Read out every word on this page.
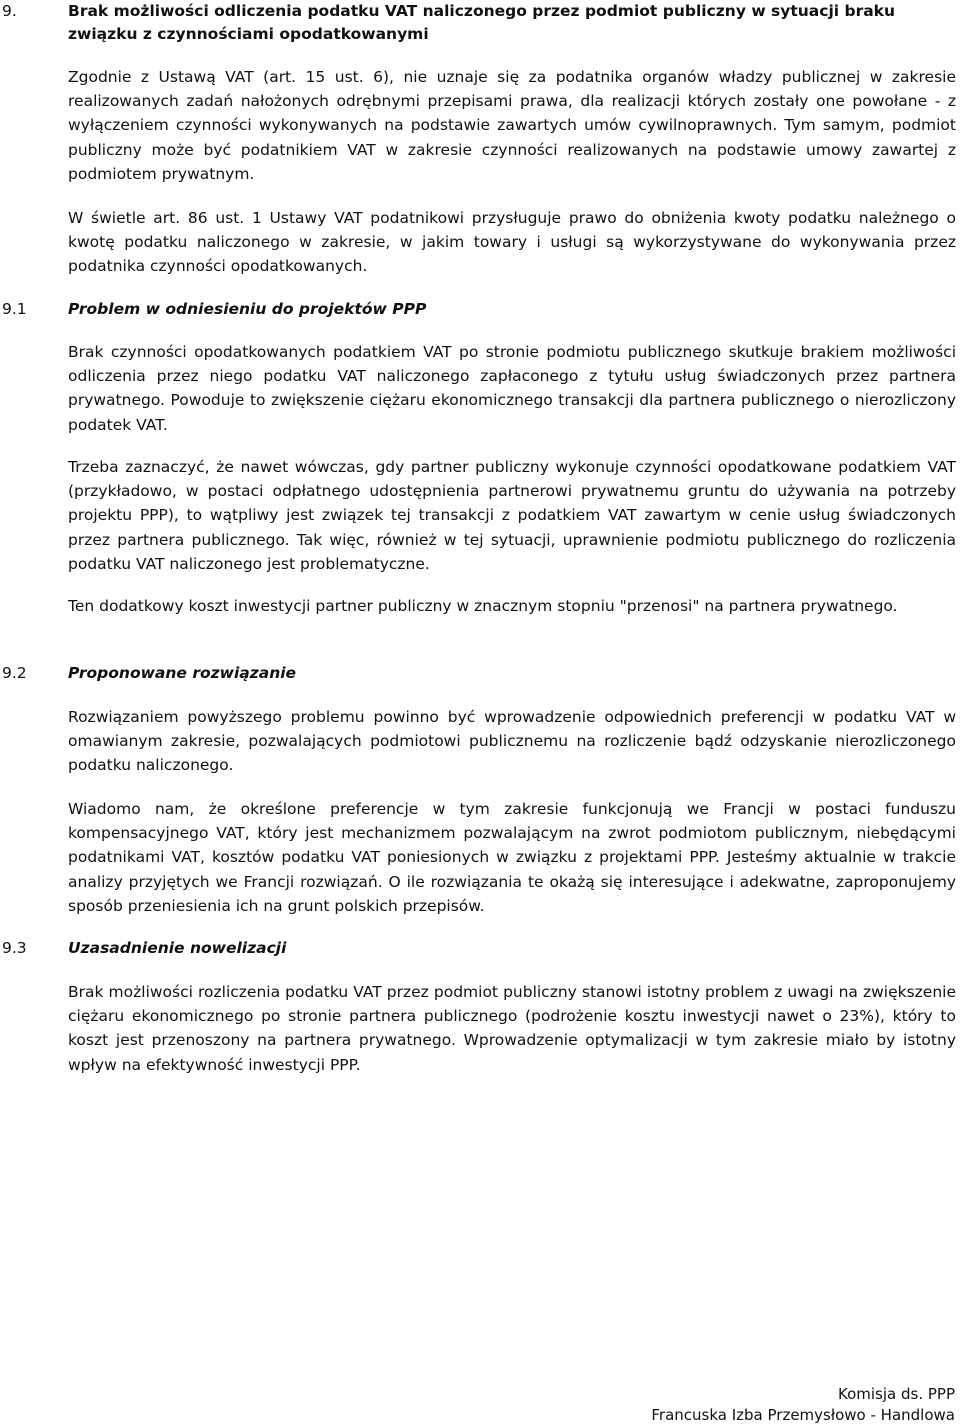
9.	Brak możliwości odliczenia podatku VAT naliczonego przez podmiot publiczny w sytuacji braku związku z czynnościami opodatkowanymi

Zgodnie z Ustawą VAT (art. 15 ust. 6), nie uznaje się za podatnika organów władzy publicznej w zakresie realizowanych zadań nałożonych odrębnymi przepisami prawa, dla realizacji których zostały one powołane - z wyłączeniem czynności wykonywanych na podstawie zawartych umów cywilnoprawnych. Tym samym, podmiot publiczny może być podatnikiem VAT w zakresie czynności realizowanych na podstawie umowy zawartej z podmiotem prywatnym.

W świetle art. 86 ust. 1 Ustawy VAT podatnikowi przysługuje prawo do obniżenia kwoty podatku należnego o kwotę podatku naliczonego w zakresie, w jakim towary i usługi są wykorzystywane do wykonywania przez podatnika czynności opodatkowanych.

9.1	Problem w odniesieniu do projektów PPP

Brak czynności opodatkowanych podatkiem VAT po stronie podmiotu publicznego skutkuje brakiem możliwości odliczenia przez niego podatku VAT naliczonego zapłaconego z tytułu usług świadczonych przez partnera prywatnego. Powoduje to zwiększenie ciężaru ekonomicznego transakcji dla partnera publicznego o nierozliczony podatek VAT.

Trzeba zaznaczyć, że nawet wówczas, gdy partner publiczny wykonuje czynności opodatkowane podatkiem VAT (przykładowo, w postaci odpłatnego udostępnienia partnerowi prywatnemu gruntu do używania na potrzeby projektu PPP), to wątpliwy jest związek tej transakcji z podatkiem VAT zawartym w cenie usług świadczonych przez partnera publicznego. Tak więc, również w tej sytuacji, uprawnienie podmiotu publicznego do rozliczenia podatku VAT naliczonego jest problematyczne.

Ten dodatkowy koszt inwestycji partner publiczny w znacznym stopniu "przenosi" na partnera prywatnego.

9.2	Proponowane rozwiązanie

Rozwiązaniem powyższego problemu powinno być wprowadzenie odpowiednich preferencji w podatku VAT w omawianym zakresie, pozwalających podmiotowi publicznemu na rozliczenie bądź odzyskanie nierozliczonego podatku naliczonego.

Wiadomo nam, że określone preferencje w tym zakresie funkcjonują we Francji w postaci funduszu kompensacyjnego VAT, który jest mechanizmem pozwalającym na zwrot podmiotom publicznym, niebędącymi podatnikami VAT, kosztów podatku VAT poniesionych w związku z projektami PPP. Jesteśmy aktualnie w trakcie analizy przyjętych we Francji rozwiązań. O ile rozwiązania te okażą się interesujące i adekwatne, zaproponujemy sposób przeniesienia ich na grunt polskich przepisów.

9.3	Uzasadnienie nowelizacji

Brak możliwości rozliczenia podatku VAT przez podmiot publiczny stanowi istotny problem z uwagi na zwiększenie ciężaru ekonomicznego po stronie partnera publicznego (podrożenie kosztu inwestycji nawet o 23%), który to koszt jest przenoszony na partnera prywatnego. Wprowadzenie optymalizacji w tym zakresie miało by istotny wpływ na efektywność inwestycji PPP.

Komisja ds. PPP

Francuska Izba Przemysłowo - Handlowa
